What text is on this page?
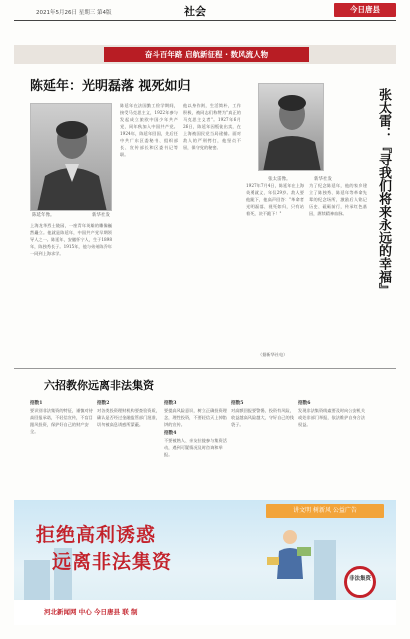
2021年5月26日 星期三 第4版	社会	今日唐县
奋斗百年路 启航新征程 · 数风流人物
陈延年：光明磊落 视死如归
陈延年像。	新华社发
上海龙华烈士陵园，一座青年英雄的雕像巍然矗立。他就是陈延年，中国共产党早期领导人之一。陈延年，安徽怀宁人，生于1898年，陈独秀长子。1915年，他与弟弟陈乔年一同到上海求学。
陈延年在法国勤工俭学期间，接受马克思主义，1922年参与发起成立旅欧中国少年共产党，同年秋加入中国共产党。1924年，陈延年回国，先后任中共广东区委秘书、组织部长、宣传部长和区委书记等职。
他以身作则，生活简朴，工作积极，被同志们称赞为"真正的马克思主义者"。1927年6月26日，陈延年因叛徒出卖，在上海被国民党当局逮捕。面对敌人的严刑拷打，他坚贞不屈，保守党的秘密。
1927年7月4日，陈延年在上海英勇就义，年仅29岁。敌人要他跪下，他高声回答："革命者光明磊落、视死如归，只有站着死，决不跪下！"
为了纪念陈延年，他的家乡建立了陈独秀、陈延年等革命先辈的纪念场所，激励后人铭记历史、砥砺前行，传承红色基因，赓续精神血脉。
（据新华社电）
张太雷像。	新华社发	张太雷：『寻我们将来永远的幸福』
六招教你远离非法集资
招数1
要识别非法集资的特征，谨慎对待高回报承诺，不轻信宣传，不盲目跟风投资，保护好自己的财产安全。
招数2
对各类投资理财机构要查验资质，确认是否经过金融监管部门批准，切勿被高息诱惑所蒙蔽。
招数3
要提高风险意识，树立正确投资理念，理性投资，不要轻信天上掉馅饼的宣传。
招数4
不要被熟人、亲友拉拢参与集资活动，遇到可疑情况及时咨询和举报。
招数5
对高额回报要警惕，投资有风险，收益越高风险越大，守好自己的钱袋子。
招数6
发现非法集资线索要及时向公安机关或处非部门举报，依法维护自身合法权益。
讲文明 树新风 公益广告
拒绝高利诱惑
远离非法集资
非法集资
河北新闻网 中心 今日唐县 联 制
